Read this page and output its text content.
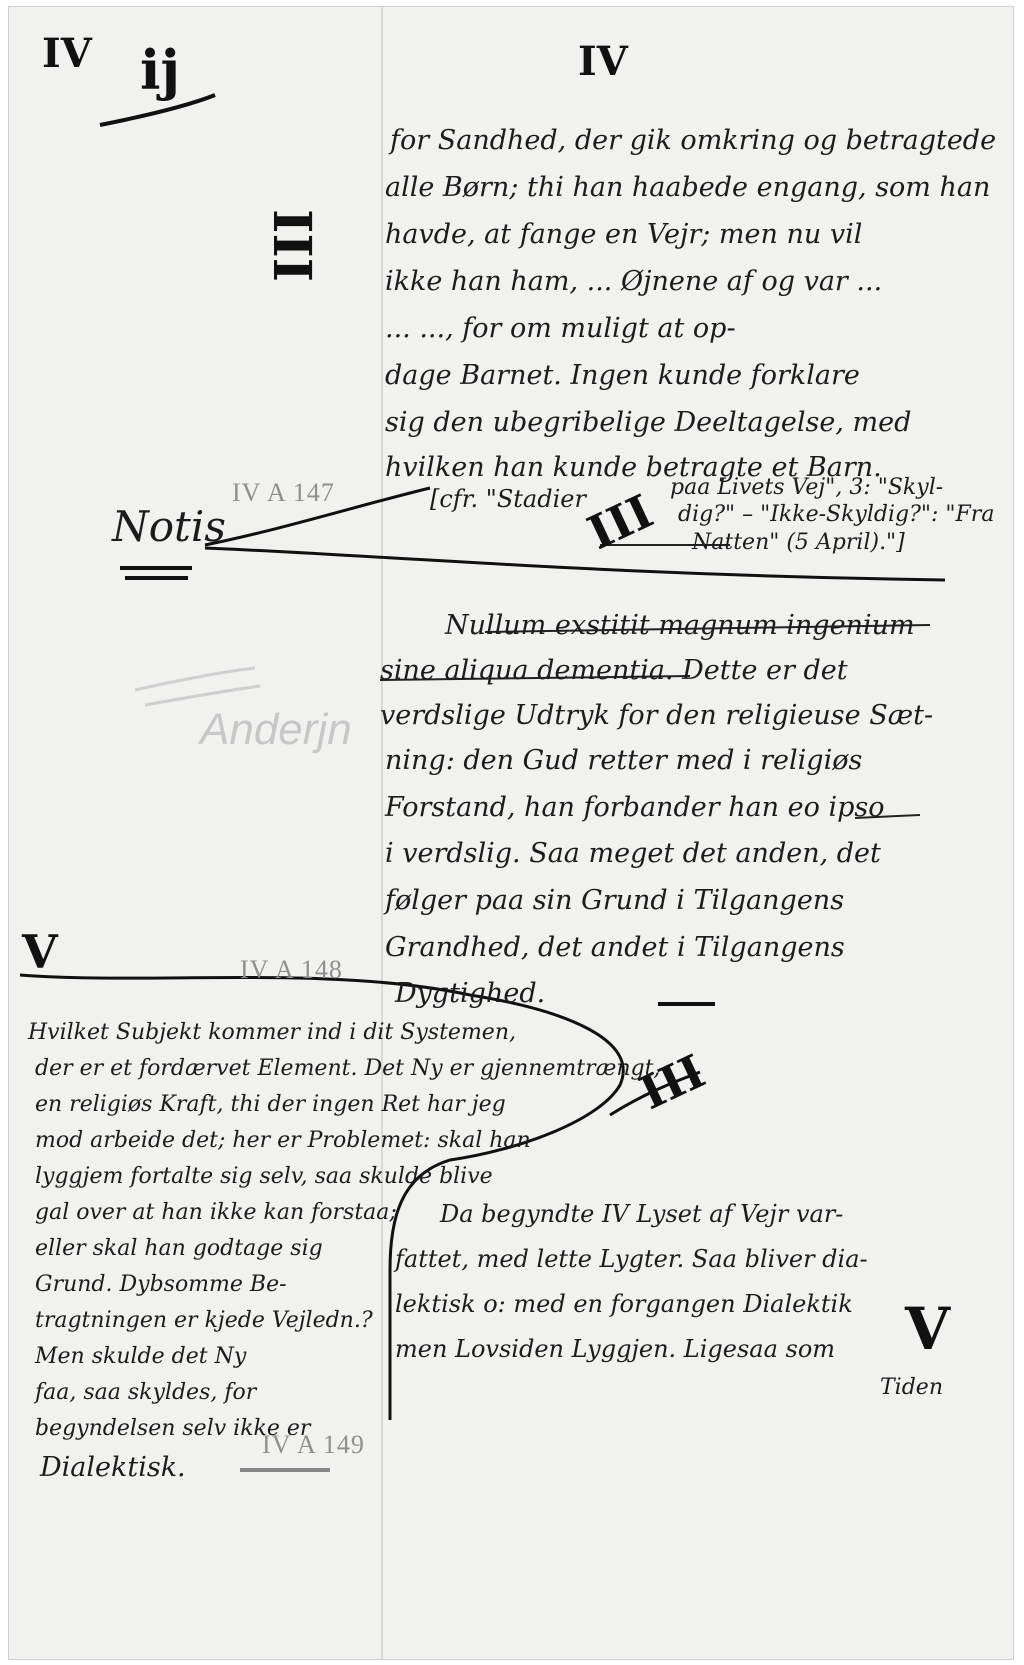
IV ij	IV
III
III
III
V
V
for Sandhed, der gik omkring og betragtede
alle Børn; thi han haabede engang, som han
havde, at fange en Vejr; men nu vil
ikke han ham, ... Øjnene af og var ...
... ..., for om muligt at op-
dage Barnet. Ingen kunde forklare
sig den ubegribelige Deeltagelse, med
hvilken han kunde betragte et Barn.
Notis
IV A 147	[cfr. "Stadier	paa Livets Vej", 3: "Skyl-
dig?" – "Ikke-Skyldig?": "Fra
Natten" (5 April)."]
Nullum exstitit magnum ingenium
sine aliqua dementia. Dette er det
verdslige Udtryk for den religieuse Sæt-
ning: den Gud retter med i religiøs
Forstand, han forbander han eo ipso
i verdslig. Saa meget det anden, det
følger paa sin Grund i Tilgangens
Grandhed, det andet i Tilgangens
Dygtighed.
IV A 148
Hvilket Subjekt kommer ind i dit Systemen,
der er et fordærvet Element. Det Ny er gjennemtrængt,
en religiøs Kraft, thi der ingen Ret har jeg
mod arbeide det; her er Problemet: skal han
lyggjem fortalte sig selv, saa skulde blive
gal over at han ikke kan forstaa;
eller skal han godtage sig
Grund. Dybsomme Be-
tragtningen er kjede Vejledn.?
Men skulde det Ny
faa, saa skyldes, for
begyndelsen selv ikke er
Dialektisk.
IV A 149
Da begyndte IV Lyset af Vejr var-
fattet, med lette Lygter. Saa bliver dia-
lektisk o: med en forgangen Dialektik
men Lovsiden Lyggjen. Ligesaa som
Tiden
Anderjn
